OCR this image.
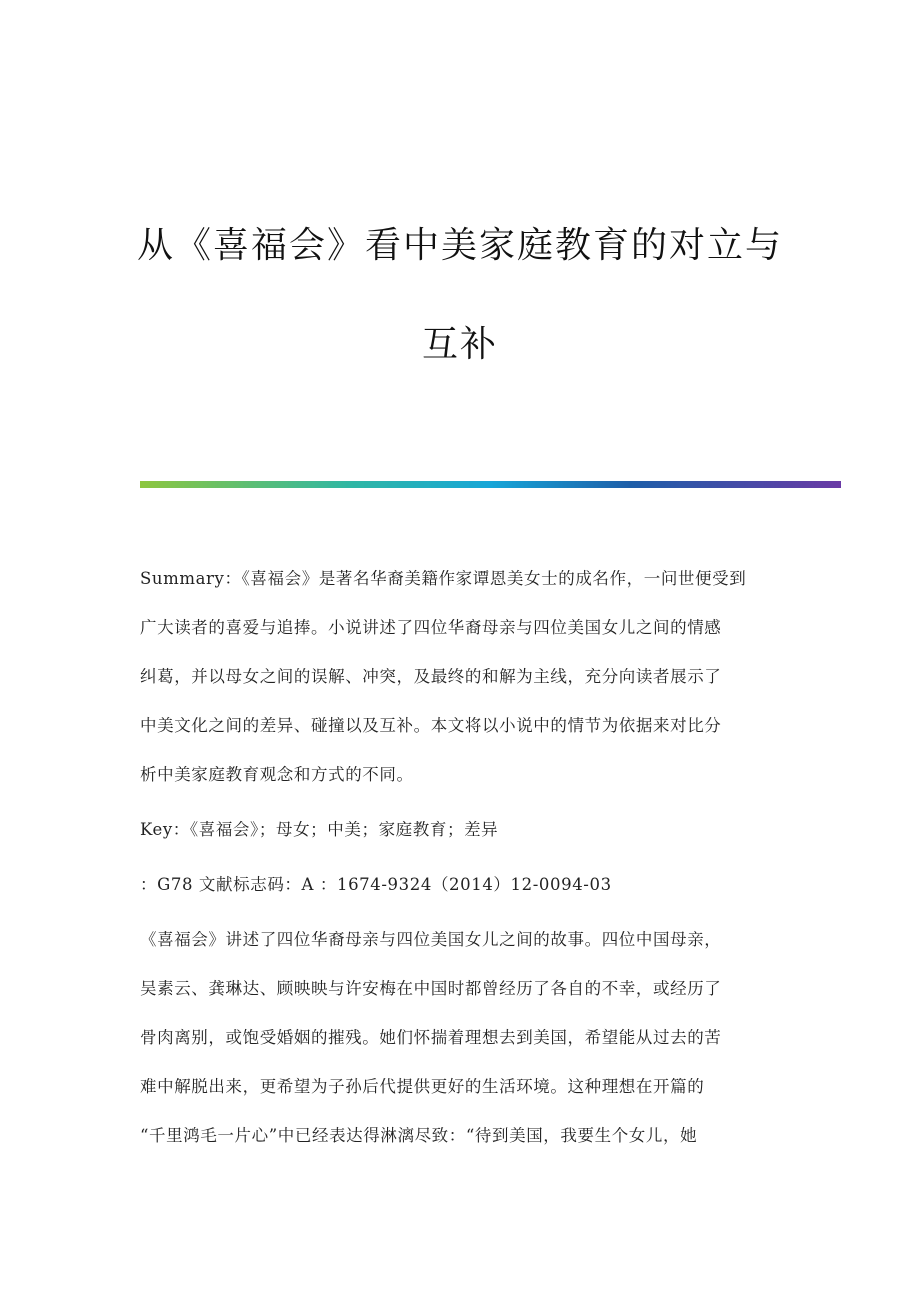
从《喜福会》看中美家庭教育的对立与
互补
Summary：《喜福会》是著名华裔美籍作家谭恩美女士的成名作，一问世便受到
广大读者的喜爱与追捧。小说讲述了四位华裔母亲与四位美国女儿之间的情感
纠葛，并以母女之间的误解、冲突，及最终的和解为主线，充分向读者展示了
中美文化之间的差异、碰撞以及互补。本文将以小说中的情节为依据来对比分
析中美家庭教育观念和方式的不同。
Key：《喜福会》；母女；中美；家庭教育；差异
：G78 文献标志码：A ：1674-9324（2014）12-0094-03
《喜福会》讲述了四位华裔母亲与四位美国女儿之间的故事。四位中国母亲，
吴素云、龚琳达、顾映映与许安梅在中国时都曾经历了各自的不幸，或经历了
骨肉离别，或饱受婚姻的摧残。她们怀揣着理想去到美国，希望能从过去的苦
难中解脱出来，更希望为子孙后代提供更好的生活环境。这种理想在开篇的
“千里鸿毛一片心”中已经表达得淋漓尽致：“待到美国，我要生个女儿，她
